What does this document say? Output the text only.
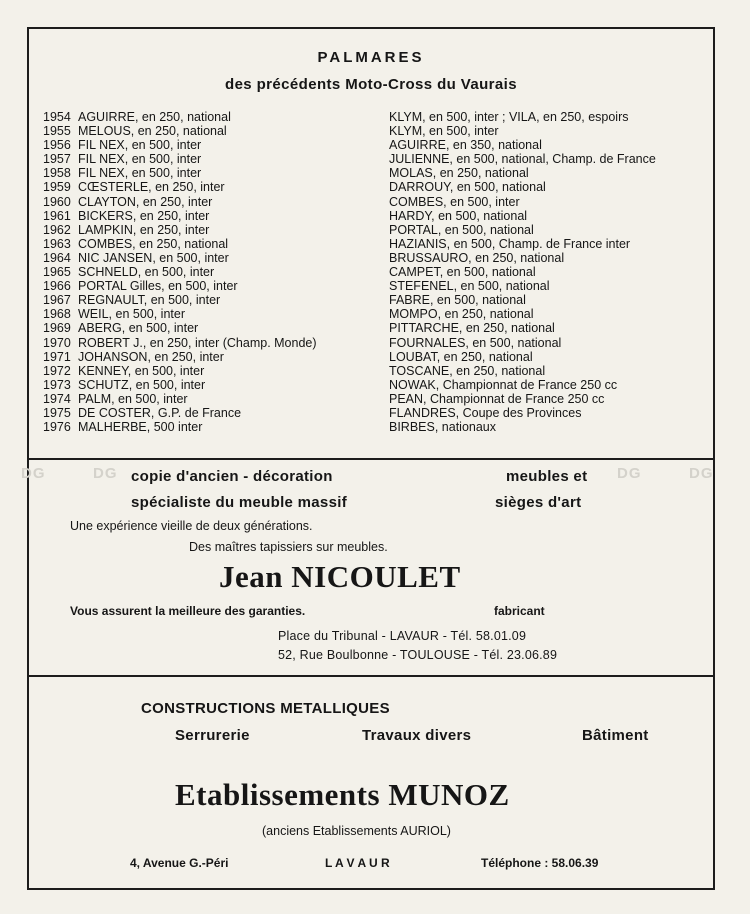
DG	DG	DG	DG
PALMARES
des précédents Moto-Cross du Vaurais
1954 AGUIRRE, en 250, national	KLYM, en 500, inter ; VILA, en 250, espoirs
1955 MELOUS, en 250, national	KLYM, en 500, inter
1956 FIL NEX, en 500, inter	AGUIRRE, en 350, national
1957 FIL NEX, en 500, inter	JULIENNE, en 500, national, Champ. de France
1958 FIL NEX, en 500, inter	MOLAS, en 250, national
1959 CŒSTERLE, en 250, inter	DARROUY, en 500, national
1960 CLAYTON, en 250, inter	COMBES, en 500, inter
1961 BICKERS, en 250, inter	HARDY, en 500, national
1962 LAMPKIN, en 250, inter	PORTAL, en 500, national
1963 COMBES, en 250, national	HAZIANIS, en 500, Champ. de France inter
1964 NIC JANSEN, en 500, inter	BRUSSAURO, en 250, national
1965 SCHNELD, en 500, inter	CAMPET, en 500, national
1966 PORTAL Gilles, en 500, inter	STEFENEL, en 500, national
1967 REGNAULT, en 500, inter	FABRE, en 500, national
1968 WEIL, en 500, inter	MOMPO, en 250, national
1969 ABERG, en 500, inter	PITTARCHE, en 250, national
1970 ROBERT J., en 250, inter (Champ. Monde)	FOURNALES, en 500, national
1971 JOHANSON, en 250, inter	LOUBAT, en 250, national
1972 KENNEY, en 500, inter	TOSCANE, en 250, national
1973 SCHUTZ, en 500, inter	NOWAK, Championnat de France 250 cc
1974 PALM, en 500, inter	PEAN, Championnat de France 250 cc
1975 DE COSTER, G.P. de France	FLANDRES, Coupe des Provinces
1976 MALHERBE, 500 inter	BIRBES, nationaux
copie d'ancien - décoration	meubles et
spécialiste du meuble massif	sièges d'art
Une expérience vieille de deux générations.
Des maîtres tapissiers sur meubles.
Jean NICOULET
Vous assurent la meilleure des garanties.	fabricant
Place du Tribunal - LAVAUR - Tél. 58.01.09
52, Rue Boulbonne - TOULOUSE - Tél. 23.06.89
CONSTRUCTIONS METALLIQUES
Serrurerie	Travaux divers	Bâtiment
Etablissements MUNOZ
(anciens Etablissements AURIOL)
4, Avenue G.-Péri	L A V A U R	Téléphone : 58.06.39
